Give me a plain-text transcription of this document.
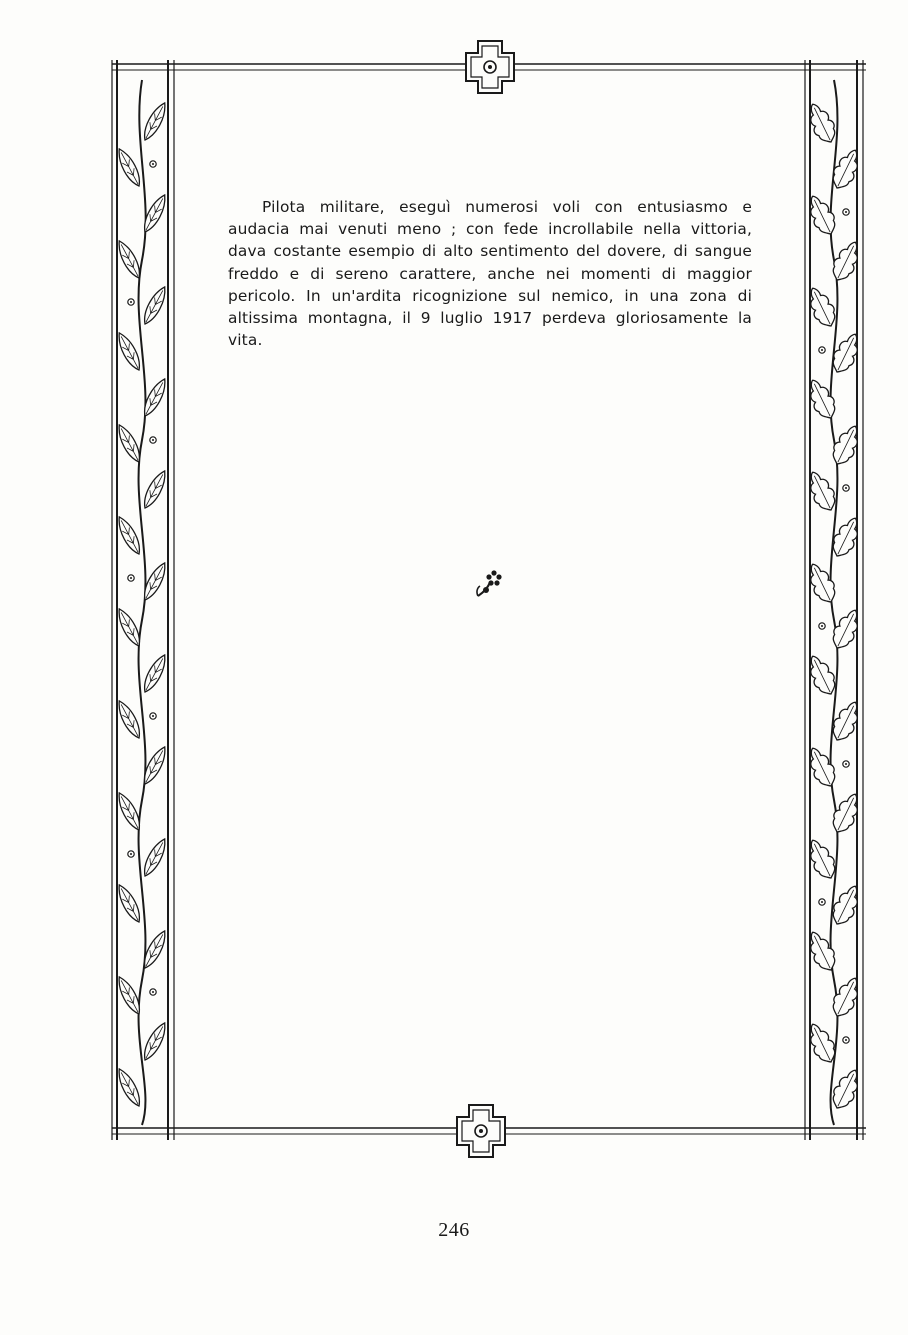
Pilota militare, eseguì numerosi voli con entusiasmo e audacia mai venuti meno ; con fede incrollabile nella vittoria, dava costante esempio di alto sentimento del dovere, di sangue freddo e di sereno carattere, anche nei momenti di maggior pericolo. In un'ardita ricognizione sul nemico, in una zona di altissima montagna, il 9 luglio 1917 perdeva gloriosamente la vita.

246
